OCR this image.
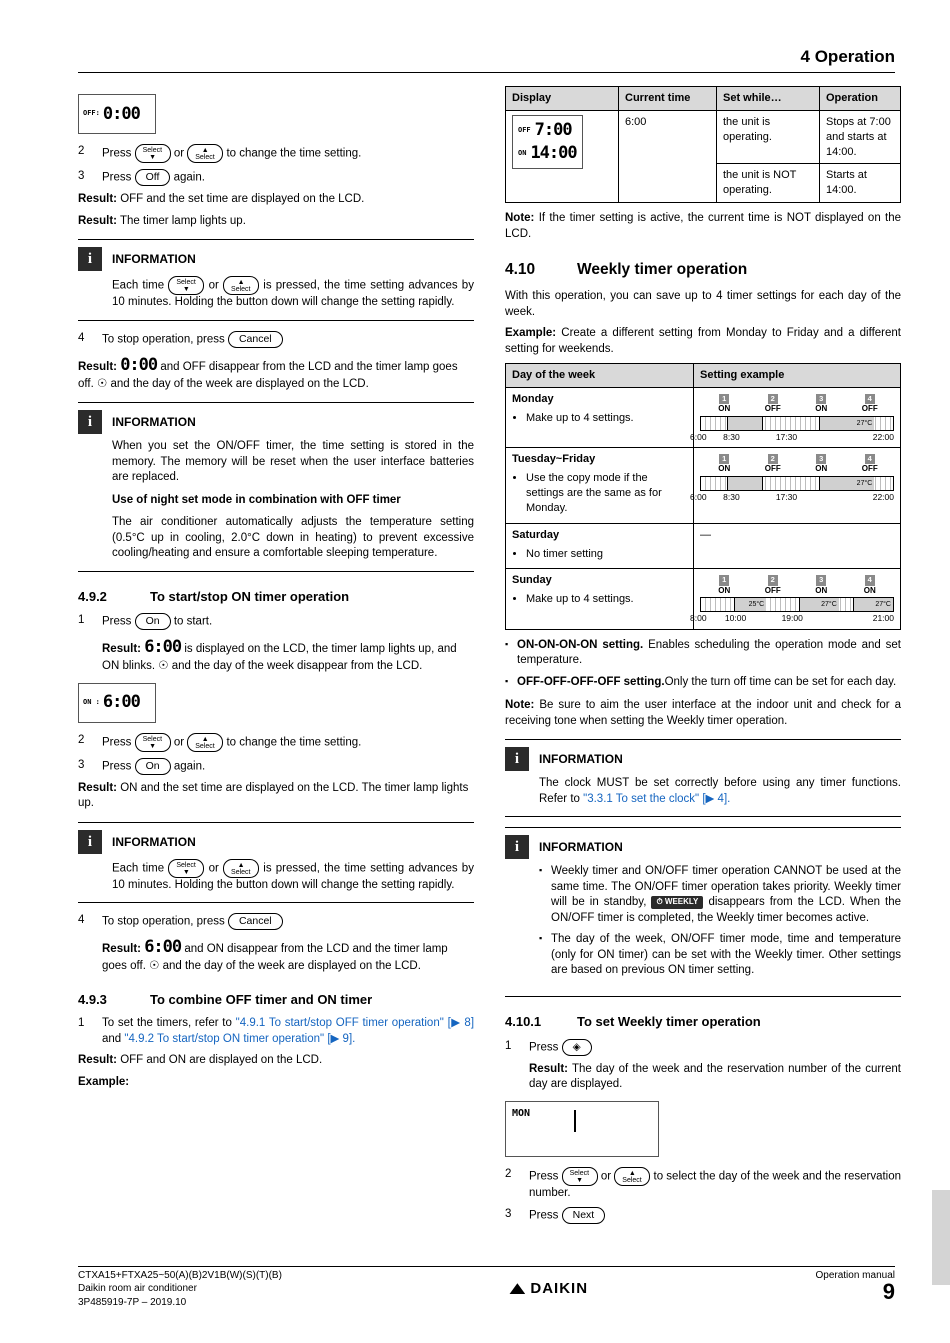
4 Operation
OFF: 0:00
2	Press Select
▼	or	▲
Select to change the time setting.
3	Press Off again.
Result: OFF and the set time are displayed on the LCD.
Result: The timer lamp lights up.
i	INFORMATION

Each time Select
▼	or	▲
Select is pressed, the time setting advances by 10 minutes. Holding the button down will change the setting rapidly.

4	To stop operation, press Cancel
Result: 0:00 and OFF disappear from the LCD and the timer lamp goes off. ☉ and the day of the week are displayed on the LCD.
i	INFORMATION

When you set the ON/OFF timer, the time setting is stored in the memory. The memory will be reset when the user interface batteries are replaced.

Use of night set mode in combination with OFF timer

The air conditioner automatically adjusts the temperature setting (0.5°C up in cooling, 2.0°C down in heating) to prevent excessive cooling/heating and ensure a comfortable sleeping temperature.

4.9.2	To start/stop ON timer operation
1	Press On to start.
Result: 6:00 is displayed on the LCD, the timer lamp lights up, and ON blinks. ☉ and the day of the week disappear from the LCD.
ON : 6:00
2	Press Select
▼	or	▲
Select to change the time setting.
3	Press On again.
Result: ON and the set time are displayed on the LCD. The timer lamp lights up.
i	INFORMATION

Each time Select
▼	or	▲
Select is pressed, the time setting advances by 10 minutes. Holding the button down will change the setting rapidly.

4	To stop operation, press Cancel
Result: 6:00 and ON disappear from the LCD and the timer lamp goes off. ☉ and the day of the week are displayed on the LCD.
4.9.3	To combine OFF timer and ON timer
1	To set the timers, refer to "4.9.1 To start/stop OFF timer operation" [▶ 8] and "4.9.2 To start/stop ON timer operation" [▶ 9].
Result: OFF and ON are displayed on the LCD.
Example:
Display	Current time	Set while…	Operation

OFF 7:00
ON 14:00	6:00	the unit is operating.	Stops at 7:00 and starts at 14:00.
		the unit is NOT operating.	Starts at 14:00.
Note: If the timer setting is active, the current time is NOT displayed on the LCD.
4.10	Weekly timer operation

With this operation, you can save up to 4 timer settings for each day of the week.

Example: Create a different setting from Monday to Friday and a different setting for weekends.

Day of the week	Setting example

Monday
• Make up to 4 settings.

1	2	3	4
ON	OFF	ON	OFF
27°C
6:00	8:30	17:30	22:00

Tuesday~Friday
• Use the copy mode if the settings are the same as for Monday.

1	2	3	4
ON	OFF	ON	OFF
27°C
6:00	8:30	17:30	22:00

Saturday
• No timer setting
	—

Sunday
• Make up to 4 settings.

1	2	3	4
ON	OFF	ON	ON
25°C	27°C	27°C
8:00	10:00	19:00	21:00
▪ ON-ON-ON-ON setting. Enables scheduling the operation mode and set temperature.
▪ OFF-OFF-OFF-OFF setting.Only the turn off time can be set for each day.
Note: Be sure to aim the user interface at the indoor unit and check for a receiving tone when setting the Weekly timer operation.
i	INFORMATION

The clock MUST be set correctly before using any timer functions. Refer to "3.3.1 To set the clock" [▶ 4].

i	INFORMATION
▪ Weekly timer and ON/OFF timer operation CANNOT be used at the same time. The ON/OFF timer operation takes priority. Weekly timer will be in standby, ⏱ WEEKLY disappears from the LCD. When the ON/OFF timer is completed, the Weekly timer becomes active.
▪ The day of the week, ON/OFF timer mode, time and temperature (only for ON timer) can be set with the Weekly timer. Other settings are based on previous ON timer setting.
4.10.1	To set Weekly timer operation
1	Press ◈
Result: The day of the week and the reservation number of the current day are displayed.
MON
2	Press Select
▼	or	▲
Select to select the day of the week and the reservation number.
3	Press Next
CTXA15+FTXA25~50(A)(B)2V1B(W)(S)(T)(B)
Daikin room air conditioner
3P485919-7P – 2019.10
DAIKIN
Operation manual
9
